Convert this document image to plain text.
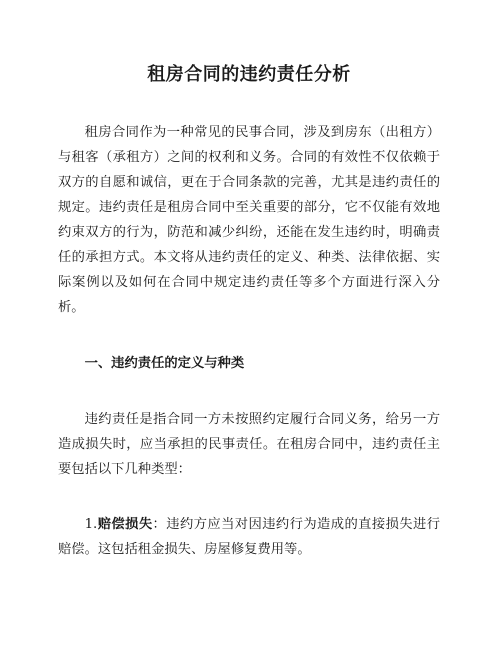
租房合同的违约责任分析

租房合同作为一种常见的民事合同，涉及到房东（出租方）与租客（承租方）之间的权利和义务。合同的有效性不仅依赖于双方的自愿和诚信，更在于合同条款的完善，尤其是违约责任的规定。违约责任是租房合同中至关重要的部分，它不仅能有效地约束双方的行为，防范和减少纠纷，还能在发生违约时，明确责任的承担方式。本文将从违约责任的定义、种类、法律依据、实际案例以及如何在合同中规定违约责任等多个方面进行深入分析。

一、违约责任的定义与种类

违约责任是指合同一方未按照约定履行合同义务，给另一方造成损失时，应当承担的民事责任。在租房合同中，违约责任主要包括以下几种类型：

1.赔偿损失：违约方应当对因违约行为造成的直接损失进行赔偿。这包括租金损失、房屋修复费用等。
